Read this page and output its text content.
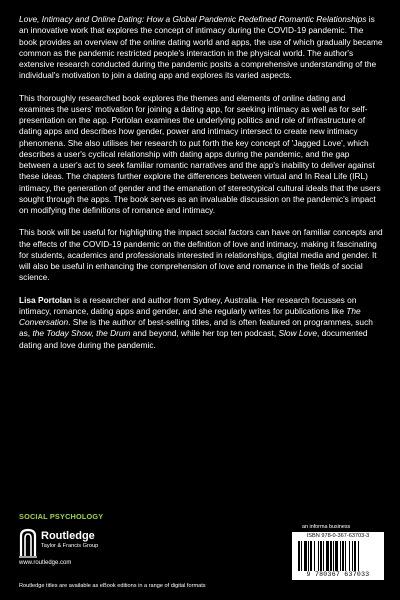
Love, Intimacy and Online Dating: How a Global Pandemic Redefined Romantic Relationships is an innovative work that explores the concept of intimacy during the COVID-19 pandemic. The book provides an overview of the online dating world and apps, the use of which gradually became common as the pandemic restricted people's interaction in the physical world. The author's extensive research conducted during the pandemic posits a comprehensive understanding of the individual's motivation to join a dating app and explores its varied aspects.

This thoroughly researched book explores the themes and elements of online dating and examines the users' motivation for joining a dating app, for seeking intimacy as well as for self-presentation on the app. Portolan examines the underlying politics and role of infrastructure of dating apps and describes how gender, power and intimacy intersect to create new intimacy phenomena. She also utilises her research to put forth the key concept of 'Jagged Love', which describes a user's cyclical relationship with dating apps during the pandemic, and the gap between a user's act to seek familiar romantic narratives and the app's inability to deliver against these ideas. The chapters further explore the differences between virtual and In Real Life (IRL) intimacy, the generation of gender and the emanation of stereotypical cultural ideals that the users sought through the apps. The book serves as an invaluable discussion on the pandemic's impact on modifying the definitions of romance and intimacy.

This book will be useful for highlighting the impact social factors can have on familiar concepts and the effects of the COVID-19 pandemic on the definition of love and intimacy, making it fascinating for students, academics and professionals interested in relationships, digital media and gender. It will also be useful in enhancing the comprehension of love and romance in the fields of social science.

Lisa Portolan is a researcher and author from Sydney, Australia. Her research focusses on intimacy, romance, dating apps and gender, and she regularly writes for publications like The Conversation. She is the author of best-selling titles, and is often featured on programmes, such as, the Today Show, the Drum and beyond, while her top ten podcast, Slow Love, documented dating and love during the pandemic.

SOCIAL PSYCHOLOGY
Routledge
Taylor & Francis Group
www.routledge.com
an informa business
ISBN 978-0-367-63703-3
9 780367 637033
Routledge titles are available as eBook editions in a range of digital formats
